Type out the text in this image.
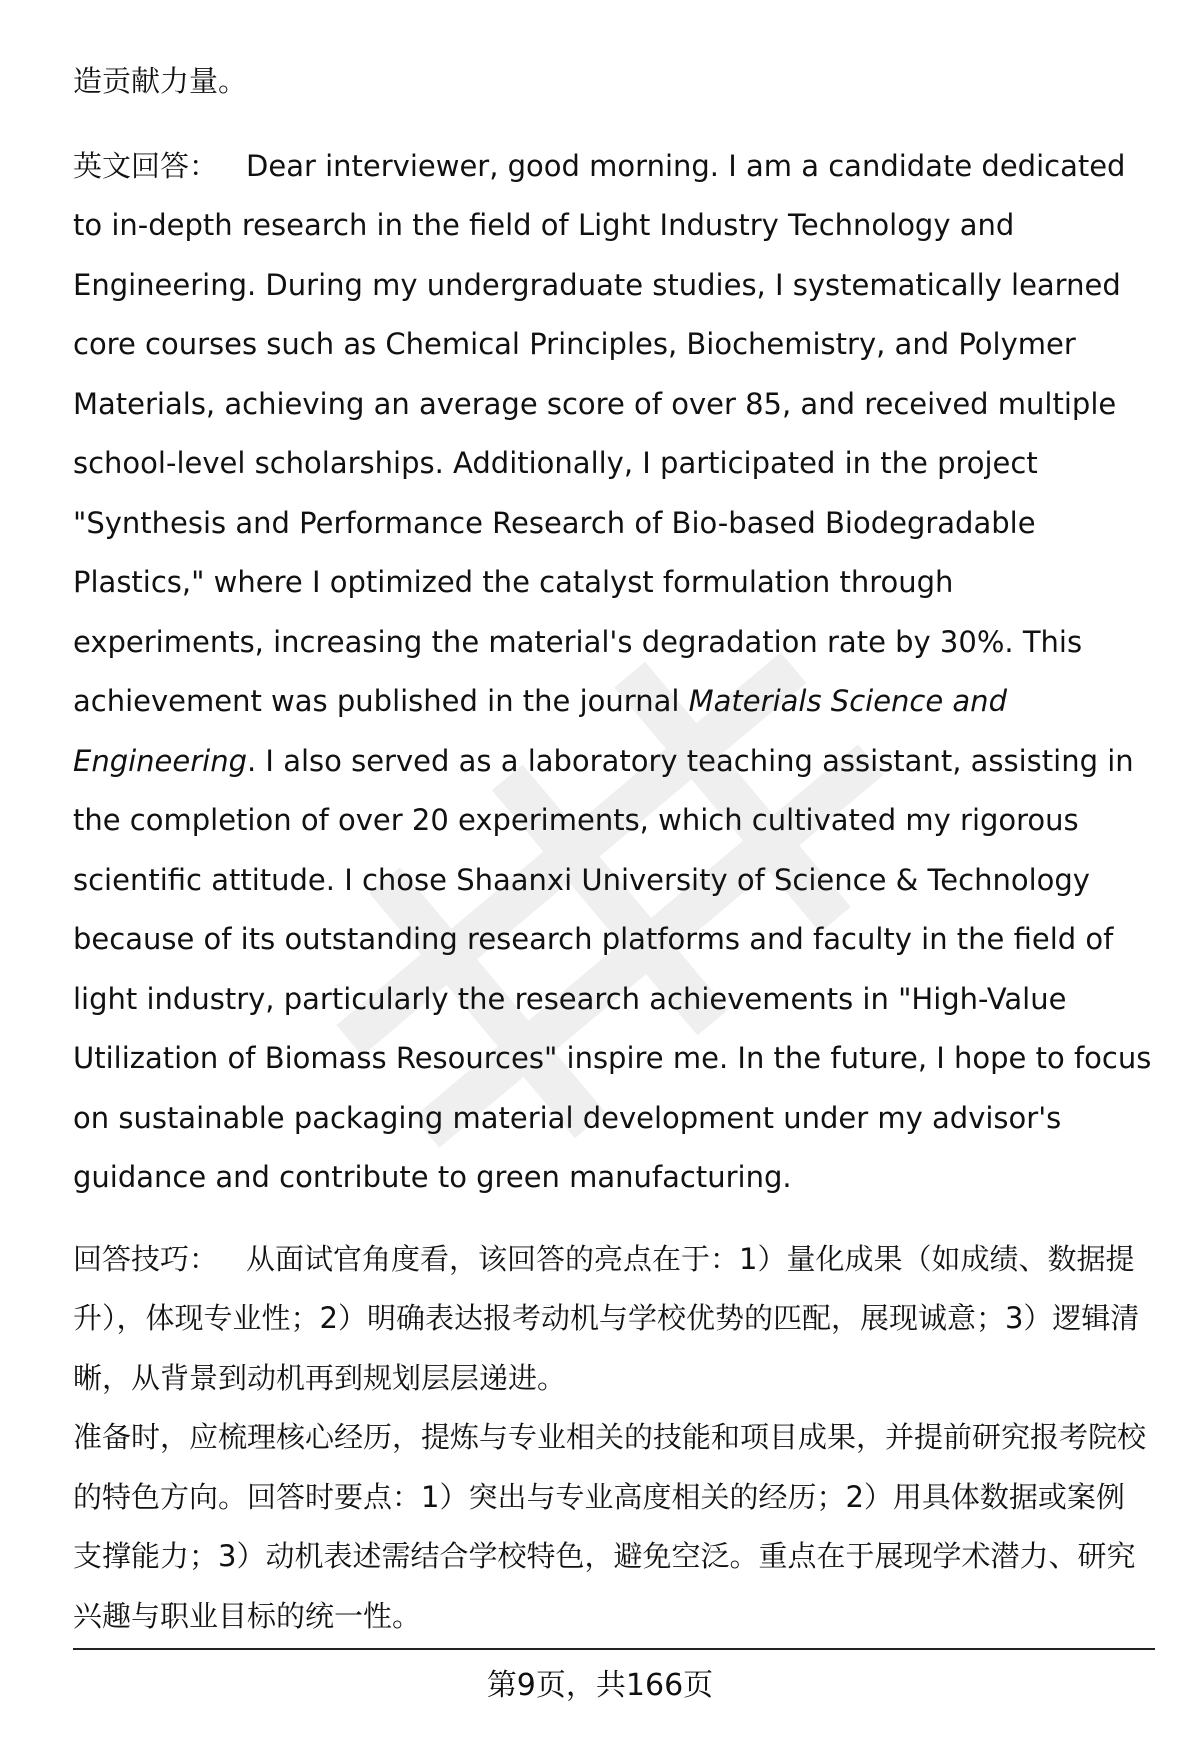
造贡献力量。

英文回答： Dear interviewer, good morning. I am a candidate dedicated to in-depth research in the field of Light Industry Technology and Engineering. During my undergraduate studies, I systematically learned core courses such as Chemical Principles, Biochemistry, and Polymer Materials, achieving an average score of over 85, and received multiple school-level scholarships. Additionally, I participated in the project "Synthesis and Performance Research of Bio-based Biodegradable Plastics," where I optimized the catalyst formulation through experiments, increasing the material's degradation rate by 30%. This achievement was published in the journal Materials Science and Engineering. I also served as a laboratory teaching assistant, assisting in the completion of over 20 experiments, which cultivated my rigorous scientific attitude. I chose Shaanxi University of Science & Technology because of its outstanding research platforms and faculty in the field of light industry, particularly the research achievements in "High-Value Utilization of Biomass Resources" inspire me. In the future, I hope to focus on sustainable packaging material development under my advisor's guidance and contribute to green manufacturing.

回答技巧： 从面试官角度看，该回答的亮点在于：1）量化成果（如成绩、数据提升），体现专业性；2）明确表达报考动机与学校优势的匹配，展现诚意；3）逻辑清晰，从背景到动机再到规划层层递进。

准备时，应梳理核心经历，提炼与专业相关的技能和项目成果，并提前研究报考院校的特色方向。回答时要点：1）突出与专业高度相关的经历；2）用具体数据或案例支撑能力；3）动机表述需结合学校特色，避免空泛。重点在于展现学术潜力、研究兴趣与职业目标的统一性。

第9页，共166页
